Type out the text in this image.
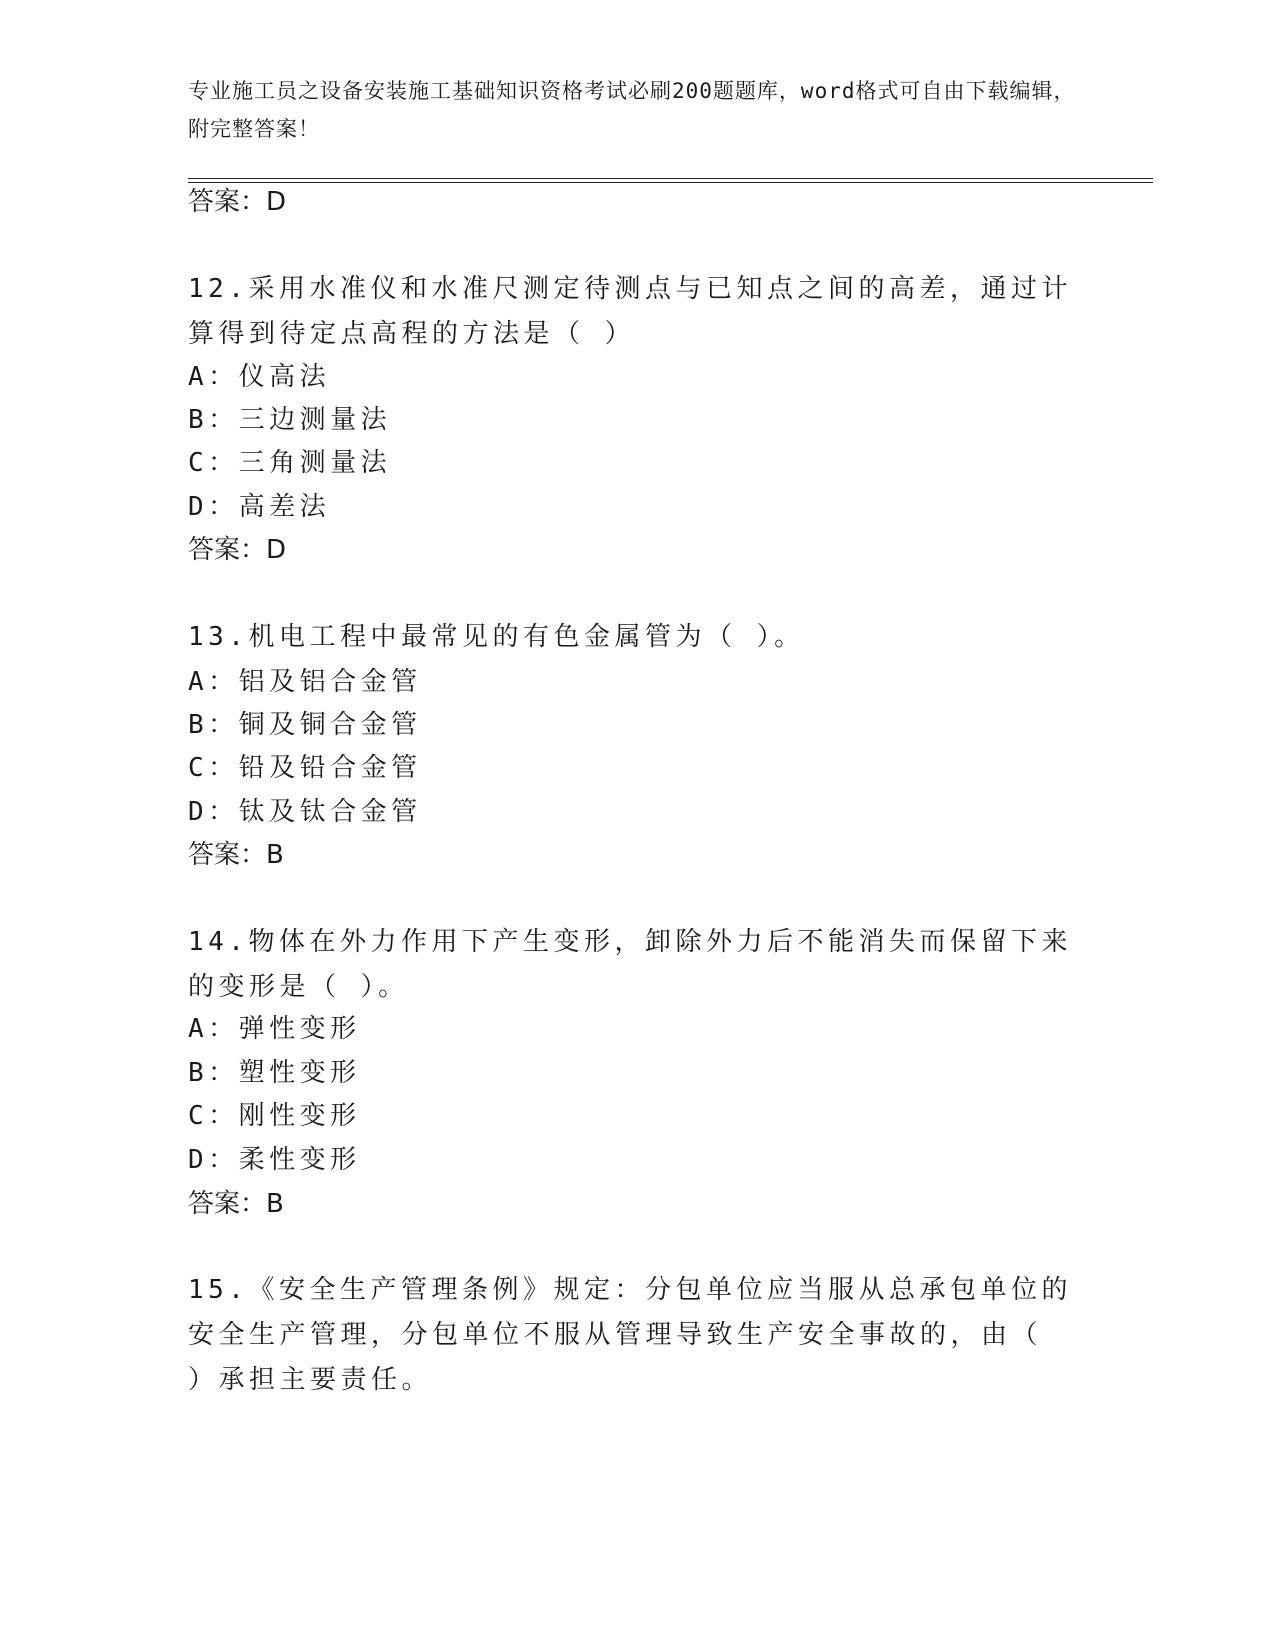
专业施工员之设备安装施工基础知识资格考试必刷200题题库，word格式可自由下载编辑，附完整答案！
答案：D
12.采用水准仪和水准尺测定待测点与已知点之间的高差，通过计算得到待定点高程的方法是（ ）
A：仪高法
B：三边测量法
C：三角测量法
D：高差法
答案：D
13.机电工程中最常见的有色金属管为（ ）。
A：铝及铝合金管
B：铜及铜合金管
C：铅及铅合金管
D：钛及钛合金管
答案：B
14.物体在外力作用下产生变形，卸除外力后不能消失而保留下来的变形是（ ）。
A：弹性变形
B：塑性变形
C：刚性变形
D：柔性变形
答案：B
15.《安全生产管理条例》规定：分包单位应当服从总承包单位的安全生产管理，分包单位不服从管理导致生产安全事故的，由（ ）承担主要责任。
